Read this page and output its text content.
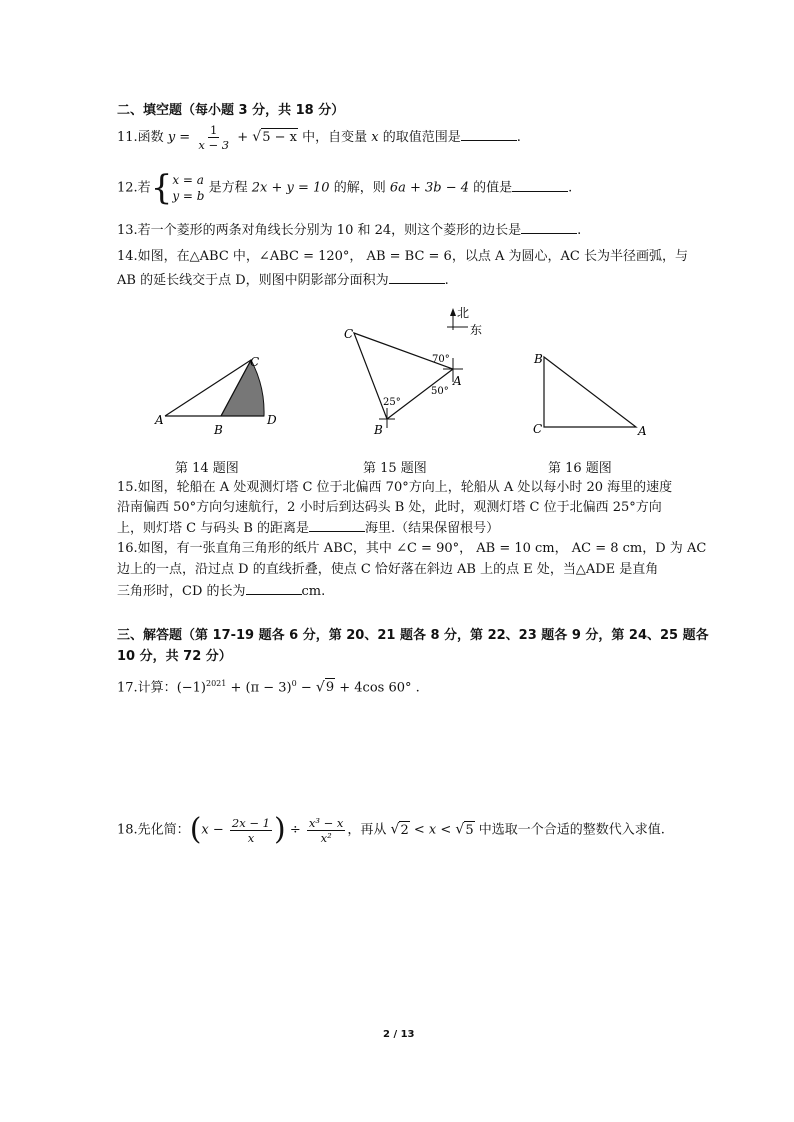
二、填空题（每小题 3 分，共 18 分）
11.函数 $y = \frac{1}{x - 3} + √5 - x$ 中，自变量 x 的取值范围是	.
12.若{ x = a
y = b
是方程 2x + y = 10 的解，则 6a + 3b − 4 的值是	.
13.若一个菱形的两条对角线长分别为 10 和 24，则这个菱形的边长是	.
14.如图，在△ABC 中，∠ABC = 120°， AB = BC = 6，以点 A 为圆心，AC 长为半径画弧，与
AB 的延长线交于点 D，则图中阴影部分面积为	.
A
B
C
D
第 14 题图
北
东
C
A
B
70°
50°
25°
第 15 题图
B
C	A
第 16 题图
15.如图，轮船在 A 处观测灯塔 C 位于北偏西 70°方向上，轮船从 A 处以每小时 20 海里的速度
沿南偏西 50°方向匀速航行，2 小时后到达码头 B 处，此时，观测灯塔 C 位于北偏西 25°方向
上，则灯塔 C 与码头 B 的距离是	海里.（结果保留根号）
16.如图，有一张直角三角形的纸片 ABC，其中 ∠C = 90°， AB = 10 cm， AC = 8 cm，D 为 AC
边上的一点，沿过点 D 的直线折叠，使点 C 恰好落在斜边 AB 上的点 E 处，当△ADE 是直角
三角形时，CD 的长为	cm.
三、解答题（第 17-19 题各 6 分，第 20、21 题各 8 分，第 22、23 题各 9 分，第 24、25 题各
10 分，共 72 分）
17.计算：$(-1)^{2021} + (\pi - 3)^0 - √9 + 4\cos$ 60° .
18.先化简：($x - \frac{2x - 1}{x}$ ) ÷ $\frac{\text{x³ − x}}{\text{x²}}$ ，再从 √2 < x < √5 中选取一个合适的整数代入求值.
2 / 13
